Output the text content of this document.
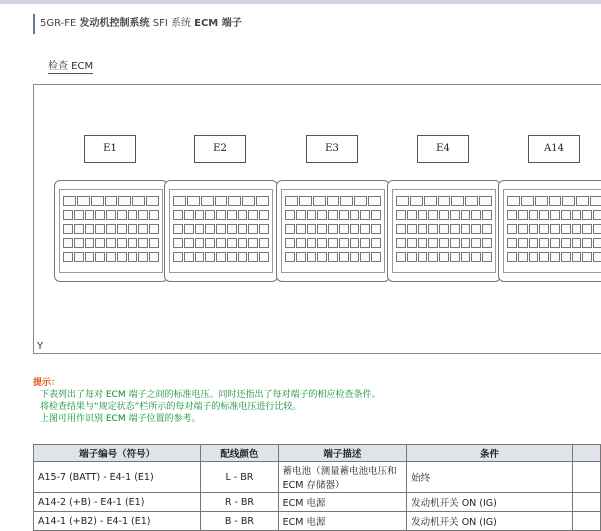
5GR-FE 发动机控制系统 SFI 系统 ECM 端子
检查 ECM
E1	E2	E3	E4	A14
Y
提示：
下表列出了每对 ECM 端子之间的标准电压。同时还指出了每对端子的相应检查条件。
将检查结果与“规定状态”栏所示的每对端子的标准电压进行比较。
上图可用作识别 ECM 端子位置的参考。
端子编号（符号）	配线颜色	端子描述	条件	
A15-7 (BATT) - E4-1 (E1)	L - BR	蓄电池（测量蓄电池电压和 ECM 存储器）	始终	
A14-2 (+B) - E4-1 (E1)	R - BR	ECM 电源	发动机开关 ON (IG)	
A14-1 (+B2) - E4-1 (E1)	B - BR	ECM 电源	发动机开关 ON (IG)	
